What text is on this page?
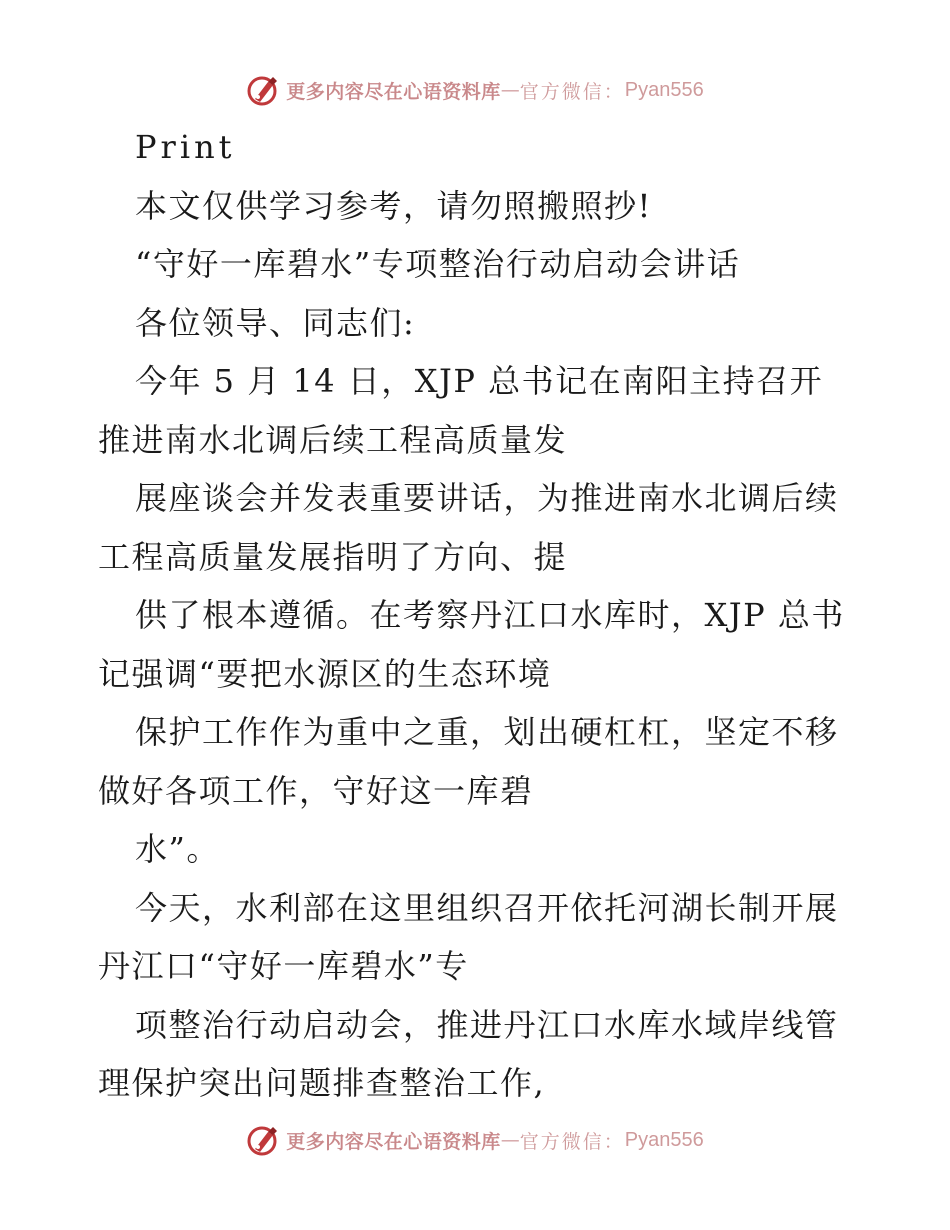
更多内容尽在心语资料库 — 官方微信： Pyan556
Print
本文仅供学习参考，请勿照搬照抄!
“守好一库碧水”专项整治行动启动会讲话
各位领导、同志们:
今年 5 月 14 日，XJP 总书记在南阳主持召开
推进南水北调后续工程高质量发
展座谈会并发表重要讲话，为推进南水北调后续
工程高质量发展指明了方向、提
供了根本遵循。在考察丹江口水库时，XJP 总书
记强调“要把水源区的生态环境
保护工作作为重中之重，划出硬杠杠，坚定不移
做好各项工作，守好这一库碧
水”。
今天，水利部在这里组织召开依托河湖长制开展
丹江口“守好一库碧水”专
项整治行动启动会，推进丹江口水库水域岸线管
理保护突出问题排查整治工作,
更多内容尽在心语资料库 — 官方微信： Pyan556
